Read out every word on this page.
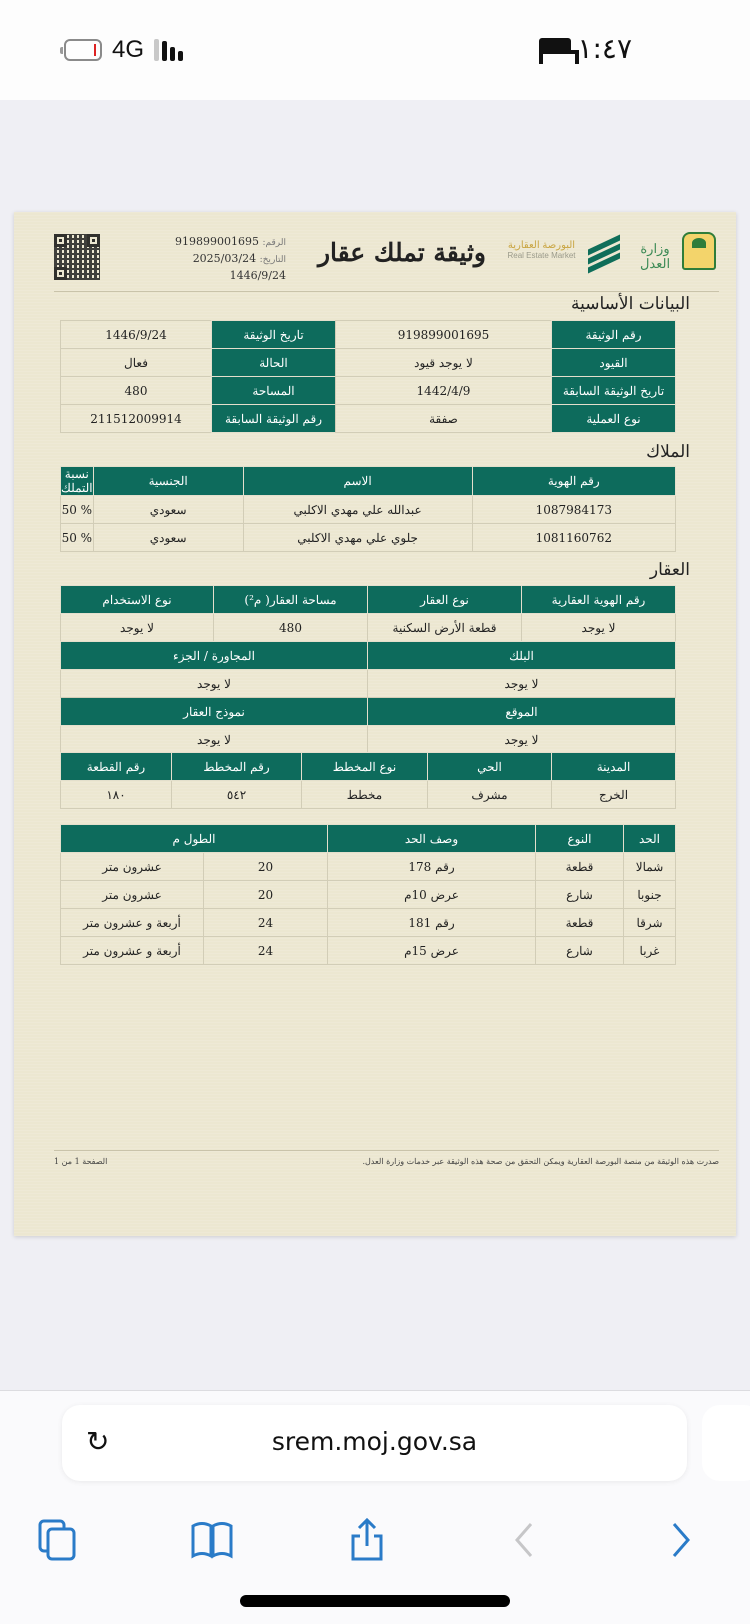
4G	١:٤٧
الرقم: 919899001695
التاريخ: 2025/03/24
1446/9/24
وثيقة تملك عقار	البورصة العقارية
Real Estate Market	وزارة العدل
البيانات الأساسية
رقم الوثيقة	919899001695	تاريخ الوثيقة	1446/9/24
القيود	لا يوجد قيود	الحالة	فعال
تاريخ الوثيقة السابقة	1442/4/9	المساحة	480
نوع العملية	صفقة	رقم الوثيقة السابقة	211512009914
الملاك
رقم الهوية	الاسم	الجنسية	نسبة التملك
1087984173	عبدالله علي مهدي الاكلبي	سعودي	% 50
1081160762	جلوي علي مهدي الاكلبي	سعودي	% 50
العقار
رقم الهوية العقارية	نوع العقار	مساحة العقار( م²)	نوع الاستخدام
لا يوجد	قطعة الأرض السكنية	480	لا يوجد
البلك	المجاورة / الجزء
لا يوجد	لا يوجد
الموقع	نموذج العقار
لا يوجد	لا يوجد
المدينة	الحي	نوع المخطط	رقم المخطط	رقم القطعة
الخرج	مشرف	مخطط	٥٤٢	١٨٠
الحد	النوع	وصف الحد	الطول م	
شمالا	قطعة	رقم 178	20	عشرون متر
جنوبا	شارع	عرض 10م	20	عشرون متر
شرقا	قطعة	رقم 181	24	أربعة و عشرون متر
غربا	شارع	عرض 15م	24	أربعة و عشرون متر
صدرت هذه الوثيقة من منصة البورصة العقارية ويمكن التحقق من صحة هذه الوثيقة عبر خدمات وزارة العدل.
الصفحة 1 من 1
↻	srem.moj.gov.sa
